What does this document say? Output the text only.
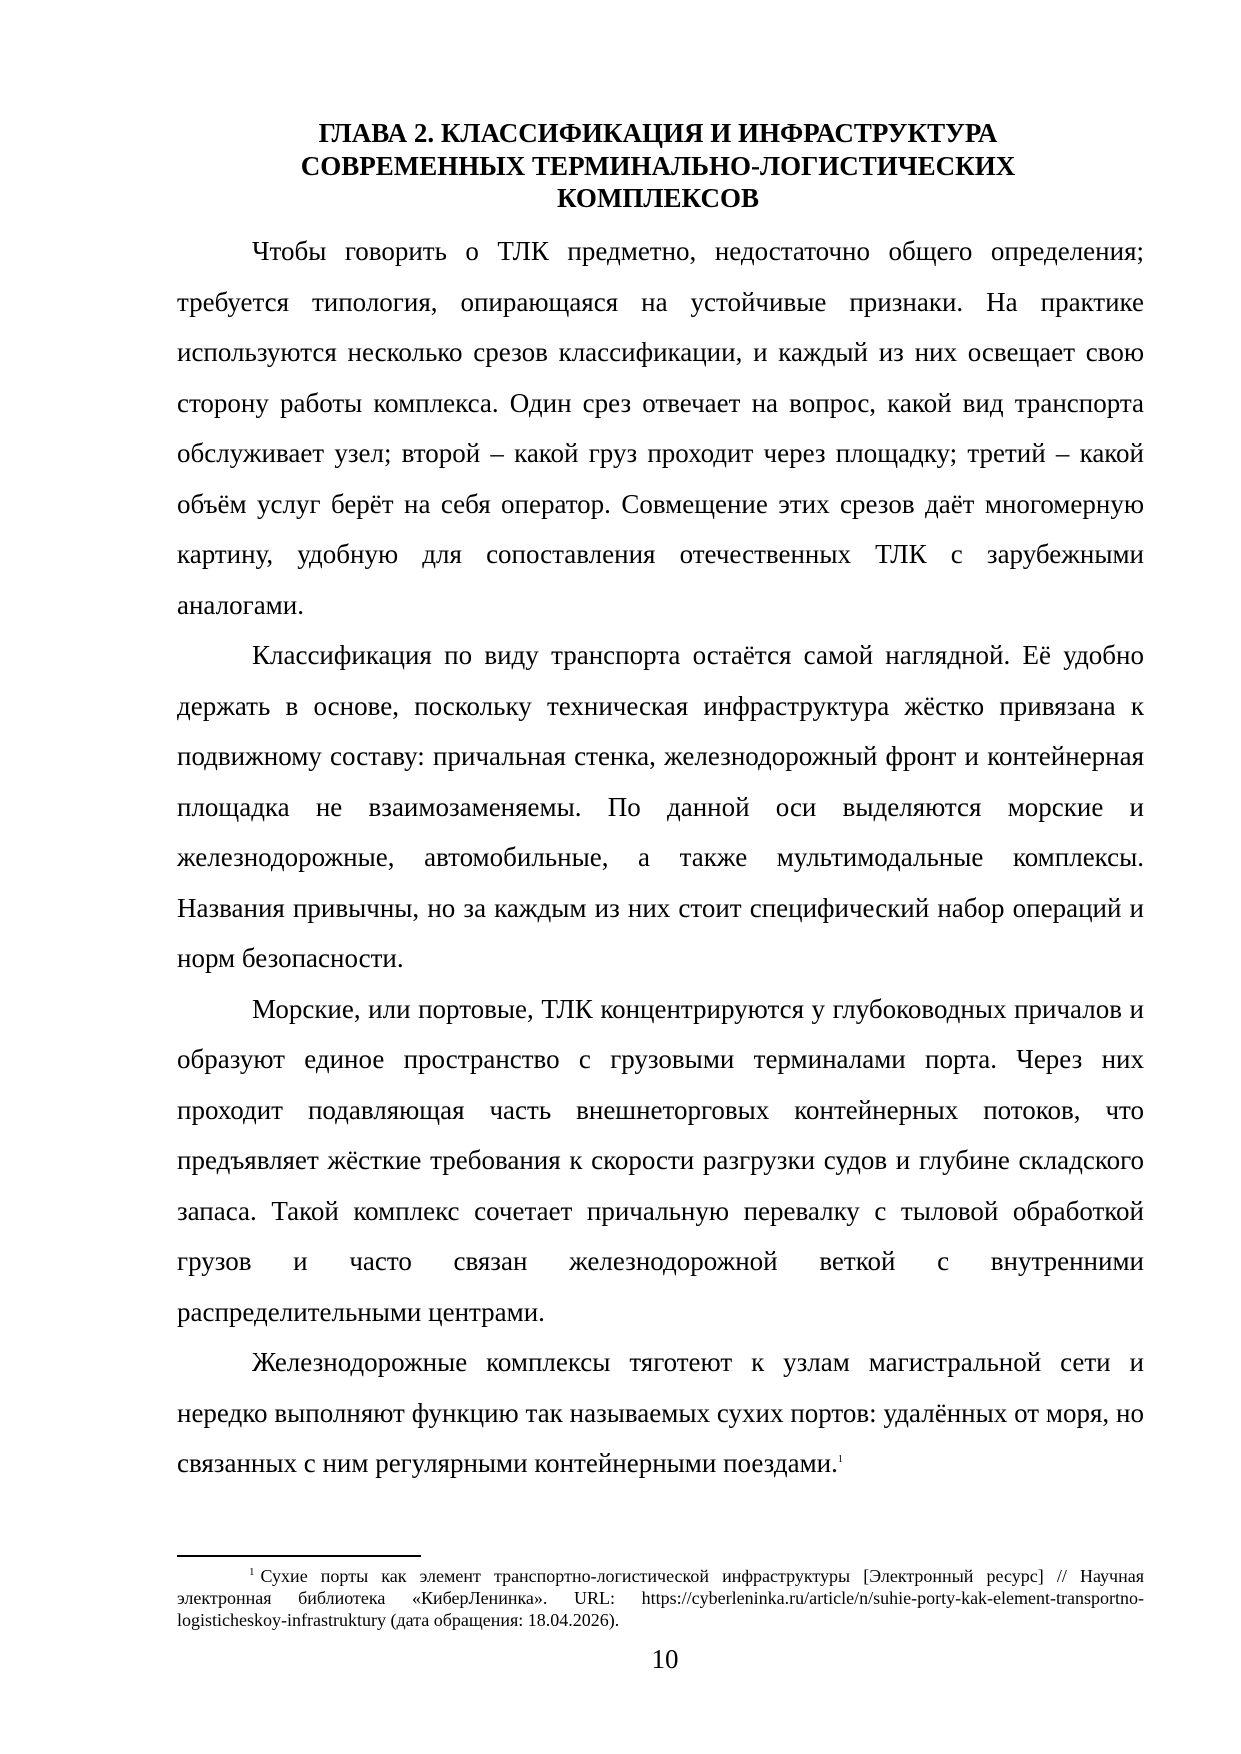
ГЛАВА 2. КЛАССИФИКАЦИЯ И ИНФРАСТРУКТУРА
СОВРЕМЕННЫХ ТЕРМИНАЛЬНО-ЛОГИСТИЧЕСКИХ
КОМПЛЕКСОВ

Чтобы говорить о ТЛК предметно, недостаточно общего определения; требуется типология, опирающаяся на устойчивые признаки. На практике используются несколько срезов классификации, и каждый из них освещает свою сторону работы комплекса. Один срез отвечает на вопрос, какой вид транспорта обслуживает узел; второй – какой груз проходит через площадку; третий – какой объём услуг берёт на себя оператор. Совмещение этих срезов даёт многомерную картину, удобную для сопоставления отечественных ТЛК с зарубежными аналогами.

Классификация по виду транспорта остаётся самой наглядной. Её удобно держать в основе, поскольку техническая инфраструктура жёстко привязана к подвижному составу: причальная стенка, железнодорожный фронт и контейнерная площадка не взаимозаменяемы. По данной оси выделяются морские и железнодорожные, автомобильные, а также мультимодальные комплексы. Названия привычны, но за каждым из них стоит специфический набор операций и норм безопасности.

Морские, или портовые, ТЛК концентрируются у глубоководных причалов и образуют единое пространство с грузовыми терминалами порта. Через них проходит подавляющая часть внешнеторговых контейнерных потоков, что предъявляет жёсткие требования к скорости разгрузки судов и глубине складского запаса. Такой комплекс сочетает причальную перевалку с тыловой обработкой грузов и часто связан железнодорожной веткой с внутренними распределительными центрами.

Железнодорожные комплексы тяготеют к узлам магистральной сети и нередко выполняют функцию так называемых сухих портов: удалённых от моря, но связанных с ним регулярными контейнерными поездами.$^1$

$^1$ Сухие порты как элемент транспортно-логистической инфраструктуры [Электронный ресурс] // Научная электронная библиотека «КиберЛенинка». URL: https://cyberleninka.ru/article/n/suhie-porty-kak-element-transportno-logisticheskoy-infrastruktury (дата обращения: 18.04.2026).

10
